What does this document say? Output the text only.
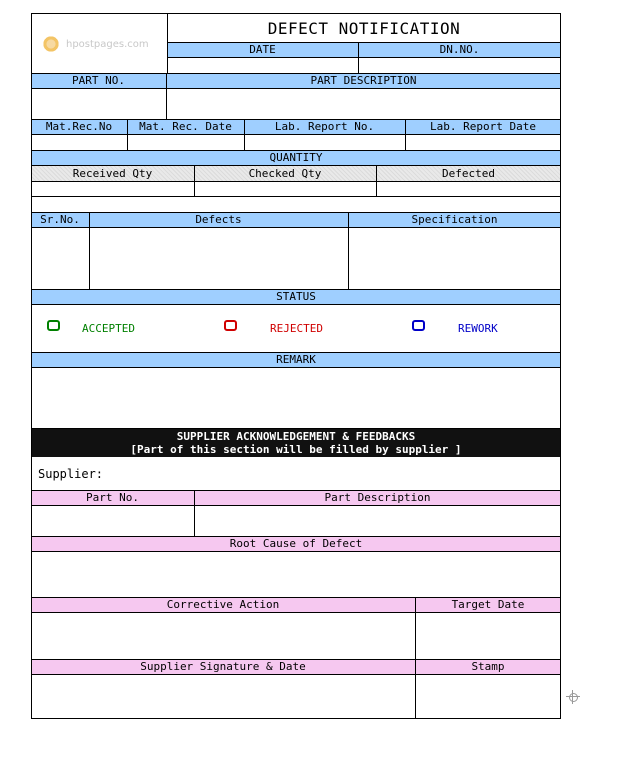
hpostpages.com
DEFECT NOTIFICATION
DATE	DN.NO.
PART NO.	PART DESCRIPTION
Mat.Rec.No	Mat. Rec. Date	Lab. Report No.	Lab. Report Date
QUANTITY
Received Qty	Checked Qty	Defected
Sr.No.	Defects	Specification
STATUS
ACCEPTED	REJECTED	REWORK
REMARK
SUPPLIER ACKNOWLEDGEMENT & FEEDBACKS
[Part of this section will be filled by supplier ]
Supplier:
Part No.	Part Description
Root Cause of Defect
Corrective Action	Target Date
Supplier Signature & Date	Stamp
